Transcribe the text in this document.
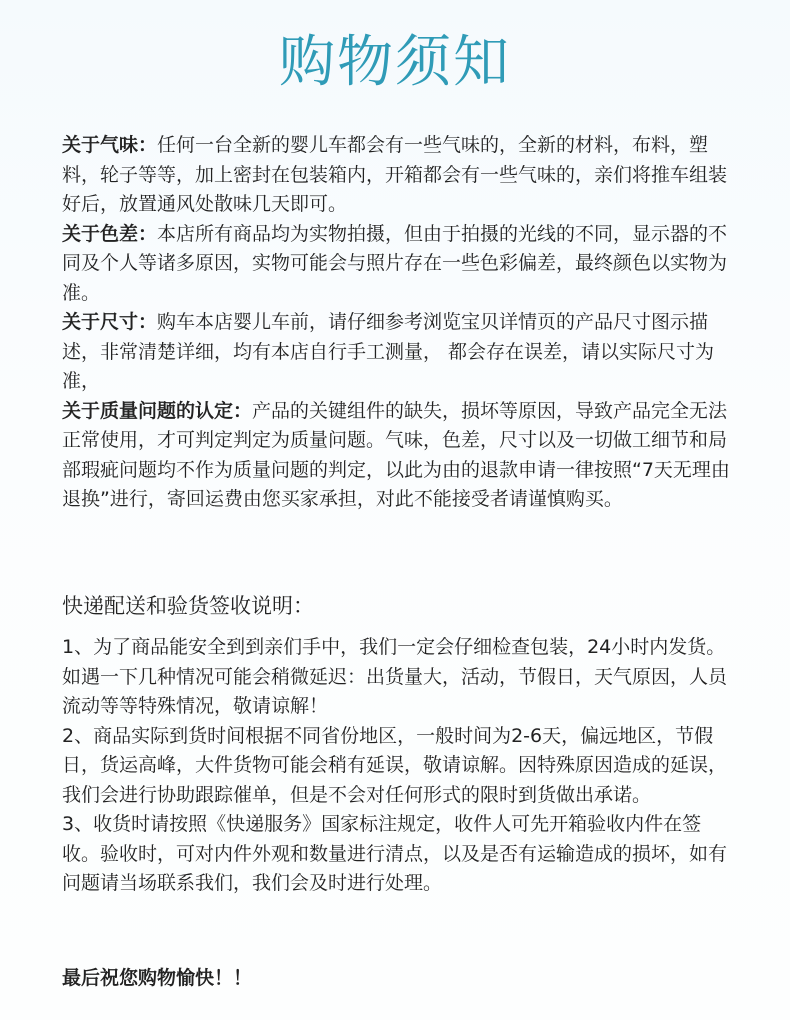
购物须知

关于气味：任何一台全新的婴儿车都会有一些气味的，全新的材料，布料，塑料，轮子等等，加上密封在包装箱内，开箱都会有一些气味的，亲们将推车组装好后，放置通风处散味几天即可。

关于色差：本店所有商品均为实物拍摄，但由于拍摄的光线的不同，显示器的不同及个人等诸多原因，实物可能会与照片存在一些色彩偏差，最终颜色以实物为准。

关于尺寸：购车本店婴儿车前，请仔细参考浏览宝贝详情页的产品尺寸图示描述，非常清楚详细，均有本店自行手工测量， 都会存在误差，请以实际尺寸为准，

关于质量问题的认定：产品的关键组件的缺失，损坏等原因，导致产品完全无法正常使用，才可判定判定为质量问题。气味，色差，尺寸以及一切做工细节和局部瑕疵问题均不作为质量问题的判定，以此为由的退款申请一律按照“7天无理由退换”进行，寄回运费由您买家承担，对此不能接受者请谨慎购买。

快递配送和验货签收说明：

1、为了商品能安全到到亲们手中，我们一定会仔细检查包装，24小时内发货。如遇一下几种情况可能会稍微延迟：出货量大，活动，节假日，天气原因，人员流动等等特殊情况，敬请谅解！

2、商品实际到货时间根据不同省份地区，一般时间为2-6天，偏远地区，节假日，货运高峰，大件货物可能会稍有延误，敬请谅解。因特殊原因造成的延误，我们会进行协助跟踪催单，但是不会对任何形式的限时到货做出承诺。

3、收货时请按照《快递服务》国家标注规定，收件人可先开箱验收内件在签收。验收时，可对内件外观和数量进行清点，以及是否有运输造成的损坏，如有问题请当场联系我们，我们会及时进行处理。

最后祝您购物愉快！！
